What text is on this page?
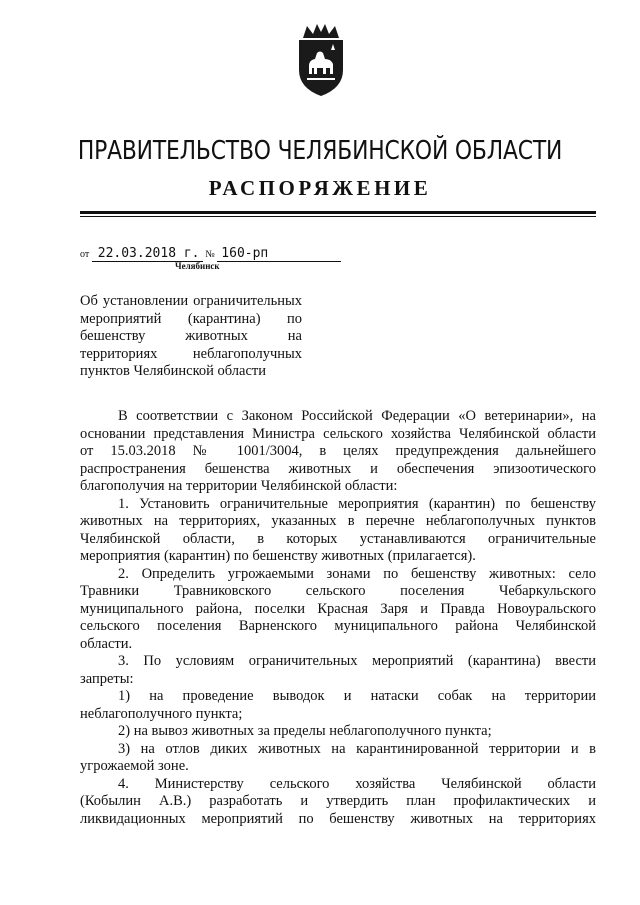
ПРАВИТЕЛЬСТВО ЧЕЛЯБИНСКОЙ ОБЛАСТИ
РАСПОРЯЖЕНИЕ
от 22.03.2018 г. № 160-рп
Челябинск
Об установлении ограничительных
мероприятий (карантина) по
бешенству животных на
территориях неблагополучных
пунктов Челябинской области
В соответствии с Законом Российской Федерации «О ветеринарии», на
основании представления Министра сельского хозяйства Челябинской области
от 15.03.2018 № 1001/3004, в целях предупреждения дальнейшего
распространения бешенства животных и обеспечения эпизоотического
благополучия на территории Челябинской области:
1. Установить ограничительные мероприятия (карантин) по бешенству
животных на территориях, указанных в перечне неблагополучных пунктов
Челябинской области, в которых устанавливаются ограничительные
мероприятия (карантин) по бешенству животных (прилагается).
2. Определить угрожаемыми зонами по бешенству животных: село
Травники Травниковского сельского поселения Чебаркульского
муниципального района, поселки Красная Заря и Правда Новоуральского
сельского поселения Варненского муниципального района Челябинской
области.
3. По условиям ограничительных мероприятий (карантина) ввести
запреты:
1) на проведение выводок и натаски собак на территории
неблагополучного пункта;
2) на вывоз животных за пределы неблагополучного пункта;
3) на отлов диких животных на карантинированной территории и в
угрожаемой зоне.
4. Министерству сельского хозяйства Челябинской области
(Кобылин А.В.) разработать и утвердить план профилактических и
ликвидационных мероприятий по бешенству животных на территориях
